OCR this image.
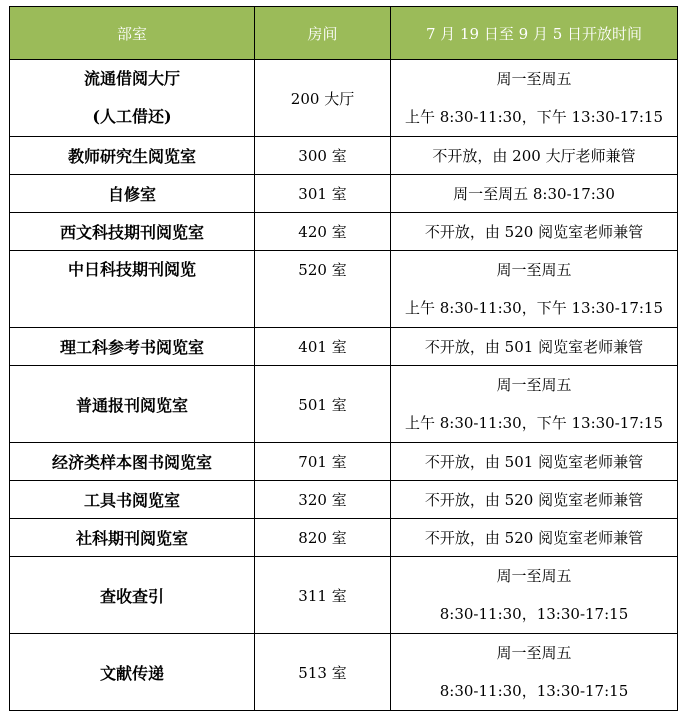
部室	房间	7 月 19 日至 9 月 5 日开放时间

流通借阅大厅
(人工借还)	200 大厅	周一至周五
上午 8:30-11:30，下午 13:30-17:15

教师研究生阅览室	300 室	不开放，由 200 大厅老师兼管
自修室	301 室	周一至周五 8:30-17:30
西文科技期刊阅览室	420 室	不开放，由 520 阅览室老师兼管

中日科技期刊阅览	520 室	周一至周五
上午 8:30-11:30，下午 13:30-17:15

理工科参考书阅览室	401 室	不开放，由 501 阅览室老师兼管
普通报刊阅览室	501 室	周一至周五
上午 8:30-11:30，下午 13:30-17:15

经济类样本图书阅览室	701 室	不开放，由 501 阅览室老师兼管
工具书阅览室	320 室	不开放，由 520 阅览室老师兼管
社科期刊阅览室	820 室	不开放，由 520 阅览室老师兼管
查收查引	311 室	周一至周五
8:30-11:30，13:30-17:15

文献传递	513 室	周一至周五
8:30-11:30，13:30-17:15
